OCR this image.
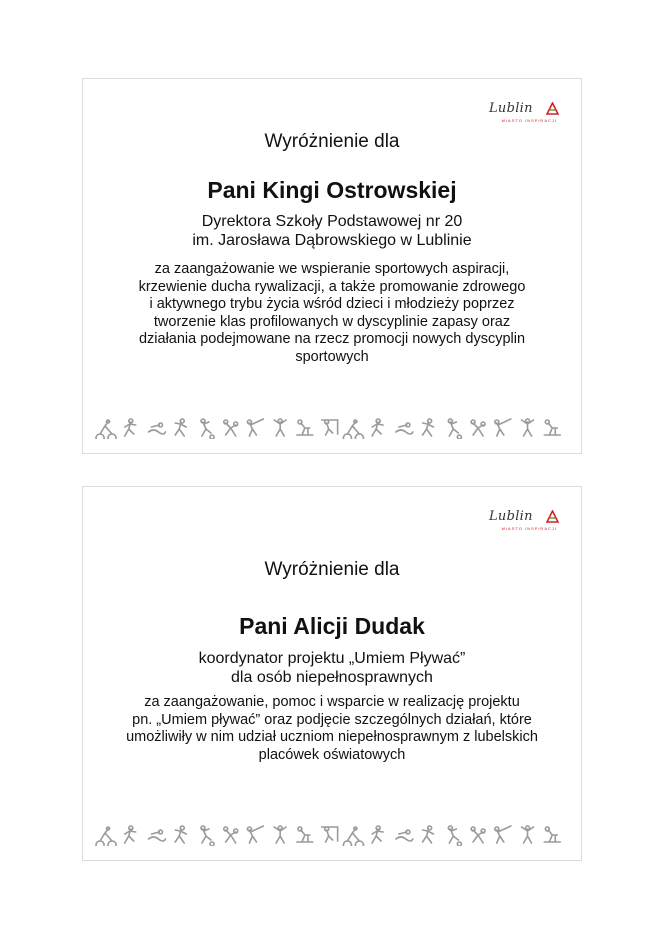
Lublin
MIASTO INSPIRACJI
Wyróżnienie dla
Pani Kingi Ostrowskiej
Dyrektora Szkoły Podstawowej nr 20
im. Jarosława Dąbrowskiego w Lublinie
za zaangażowanie we wspieranie sportowych aspiracji,
krzewienie ducha rywalizacji, a także promowanie zdrowego
i aktywnego trybu życia wśród dzieci i młodzieży poprzez
tworzenie klas profilowanych w dyscyplinie zapasy oraz
działania podejmowane na rzecz promocji nowych dyscyplin
sportowych
Lublin
MIASTO INSPIRACJI
Wyróżnienie dla
Pani Alicji Dudak
koordynator projektu „Umiem Pływać”
dla osób niepełnosprawnych
za zaangażowanie, pomoc i wsparcie w realizację projektu
pn. „Umiem pływać” oraz podjęcie szczególnych działań, które
umożliwiły w nim udział uczniom niepełnosprawnym z lubelskich
placówek oświatowych
